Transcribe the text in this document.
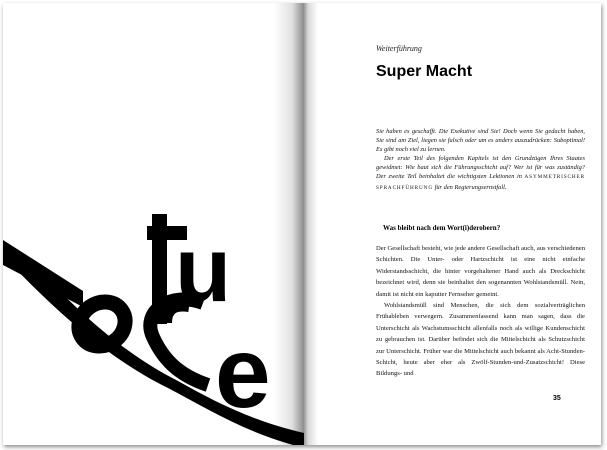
u
e
Weiterführung
Super Macht

Sie haben es geschafft. Die Exekutive sind Sie! Doch wenn Sie gedacht haben, Sie sind am Ziel, liegen sie falsch oder um es anders auszudrücken: Suboptimal! Es gibt noch viel zu lernen.

Der erste Teil des folgenden Kapitels ist den Grundzügen Ihres Staates gewidmet: Wie baut sich die Führungsschicht auf? Wer ist für was zuständig? Der zweite Teil beinhaltet die wichtigsten Lektionen in ASYMMETRISCHER SPRACHFÜHRUNG für den Regierungsernstfall.

Was bleibt nach dem Wort(i)derobern?

Der Gesellschaft besteht, wie jede andere Gesellschaft auch, aus verschiedenen Schichten. Die Unter- oder Hartzschicht ist eine nicht einfache Widerstandsschicht, die hinter vorgehaltener Hand auch als Dreckschicht bezeichnet wird, denn sie beinhaltet den sogenannten Wohlstandsmüll. Nein, damit ist nicht ein kaputter Fernseher gemeint.

Wohlstandsmüll sind Menschen, die sich dem sozialverträglichen Frühableben verwegern. Zusammenfassend kann man sagen, dass die Unterschicht als Wachstumsschicht allenfalls noch als willige Kundenschicht zu gebrauchen ist. Darüber befindet sich die Mittelschicht als Schutzschicht zur Unterschicht. Früher war die Mittelschicht auch bekannt als Acht-Stunden-Schicht, heute aber eher als Zwölf-Stunden-und-Zusatzschicht! Diese Bildungs- und

35
